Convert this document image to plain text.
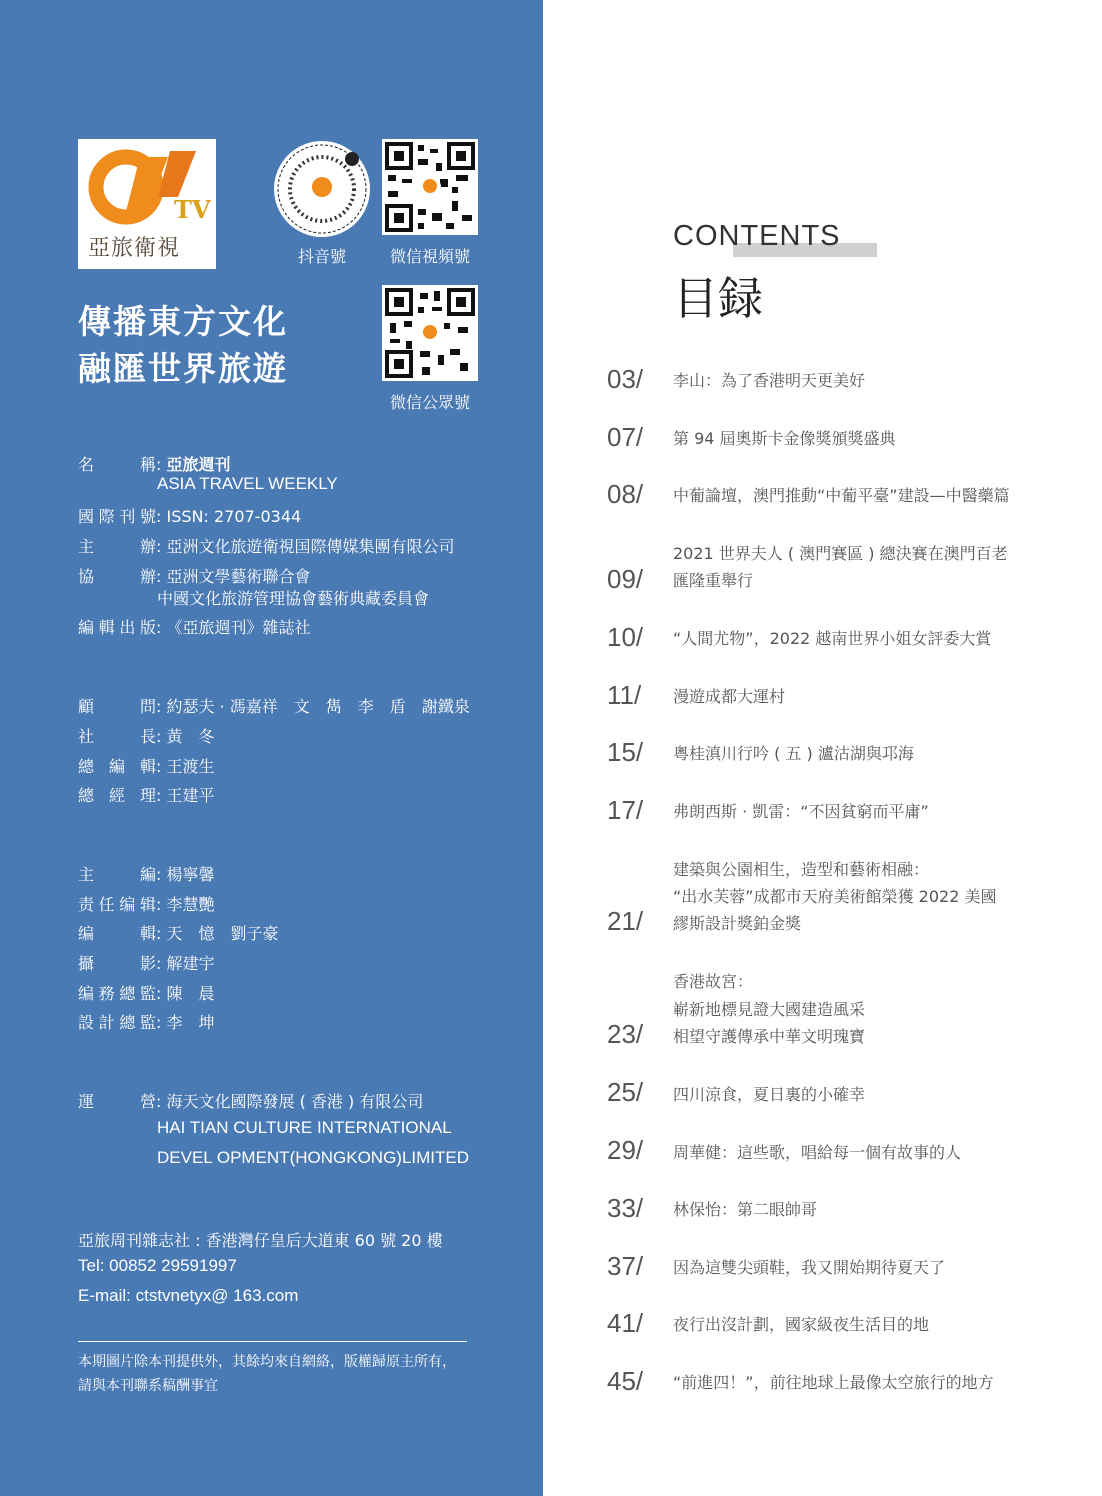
TV
亞旅衛視	抖音號	微信視頻號
微信公眾號
傳播東方文化
融匯世界旅遊
名　稱: 亞旅週刊
ASIA TRAVEL WEEKLY
國際刊號: ISSN: 2707-0344
主　辦: 亞洲文化旅遊衛視国際傳媒集團有限公司
協　辦: 亞洲文學藝術聯合會
中國文化旅游管理協會藝術典藏委員會
編輯出版: 《亞旅週刊》雜誌社
顧　問: 約瑟夫 · 馮嘉祥　文　雋　李　盾　謝鐵泉
社　長: 黃　冬
總 編 輯: 王渡生
總 經 理: 王建平
主　編: 楊寧馨
责任编辑: 李慧艷
编　輯: 天　憶　劉子豪
攝　影: 解建宇
编務總監: 陳　晨
設計總監: 李　坤
運　營: 海天文化國際發展 ( 香港 ) 有限公司
HAI TIAN CULTURE INTERNATIONAL
DEVEL OPMENT(HONGKONG)LIMITED
亞旅周刊雜志社 : 香港灣仔皇后大道東 60 號 20 樓
Tel: 00852 29591997
E-mail: ctstvnetyx@ 163.com
本期圖片除本刊提供外，其餘均來自網絡，版權歸原主所有，
請與本刊聯系稿酬事宜
CONTENTS
目録
03/ 李山：為了香港明天更美好
07/ 第 94 屆奧斯卡金像獎頒獎盛典
08/ 中葡論壇，澳門推動“中葡平臺”建設—中醫藥篇
09/
2021 世界夫人 ( 澳門賽區 ) 總決賽在澳門百老
匯隆重舉行
10/ “人間尤物”，2022 越南世界小姐女評委大賞
11/ 漫遊成都大運村
15/ 粵桂滇川行吟 ( 五 ) 瀘沽湖與邛海
17/ 弗朗西斯 · 凱雷：“不因貧窮而平庸”
21/
建築與公園相生，造型和藝術相融：
“出水芙蓉”成都市天府美術館榮獲 2022 美國
繆斯設計獎鉑金獎
23/
香港故宮：
嶄新地標見證大國建造風采
相望守護傳承中華文明瑰寶
25/ 四川涼食，夏日裏的小確幸
29/ 周華健：這些歌，唱給每一個有故事的人
33/ 林保怡：第二眼帥哥
37/ 因為這雙尖頭鞋，我又開始期待夏天了
41/ 夜行出沒計劃，國家級夜生活目的地
45/ “前進四！”，前往地球上最像太空旅行的地方
